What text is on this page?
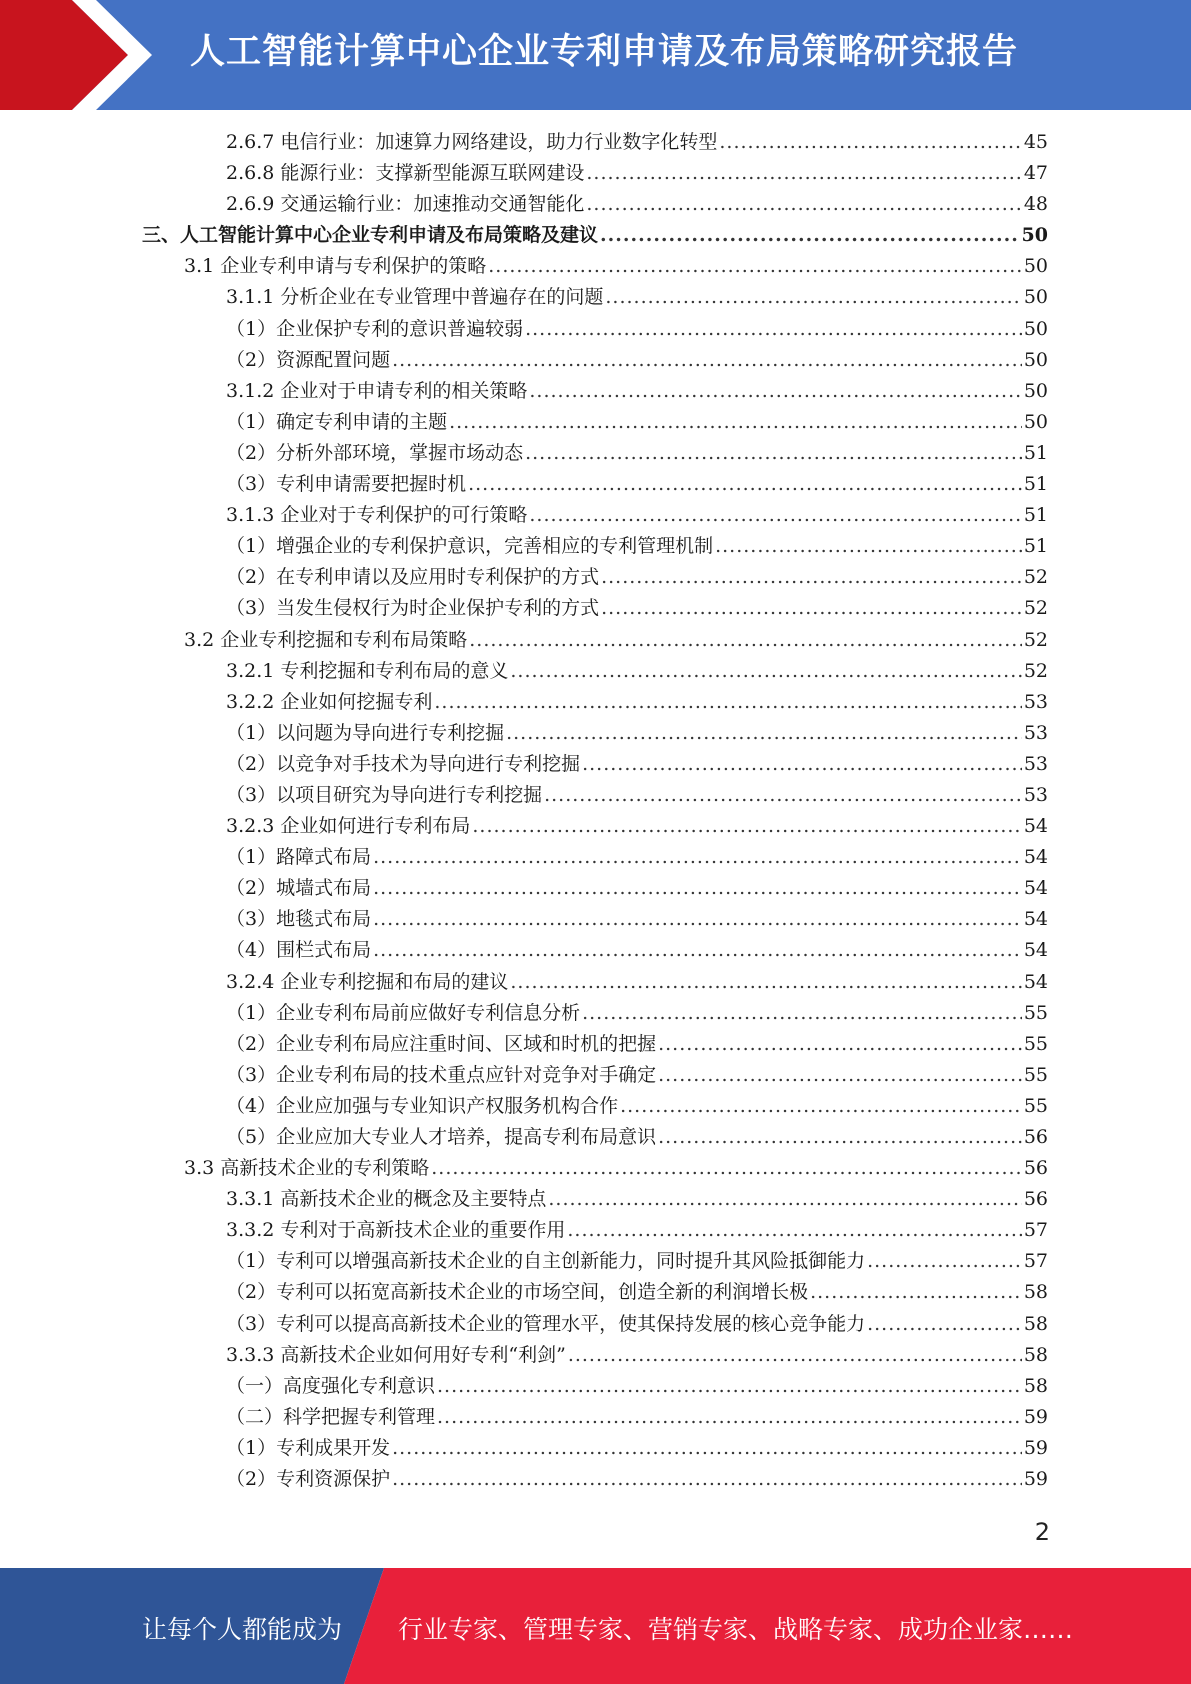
人工智能计算中心企业专利申请及布局策略研究报告
2.6.7 电信行业：加速算力网络建设，助力行业数字化转型 .....	45
2.6.8 能源行业：支撑新型能源互联网建设 .....	47
2.6.9 交通运输行业：加速推动交通智能化 .....	48
三、人工智能计算中心企业专利申请及布局策略及建议 .....	50
3.1 企业专利申请与专利保护的策略 .....	50
3.1.1 分析企业在专业管理中普遍存在的问题 .....	50
（1）企业保护专利的意识普遍较弱 .....	50
（2）资源配置问题 .....	50
3.1.2 企业对于申请专利的相关策略 .....	50
（1）确定专利申请的主题 .....	50
（2）分析外部环境，掌握市场动态 .....	51
（3）专利申请需要把握时机 .....	51
3.1.3 企业对于专利保护的可行策略 .....	51
（1）增强企业的专利保护意识，完善相应的专利管理机制 .....	51
（2）在专利申请以及应用时专利保护的方式 .....	52
（3）当发生侵权行为时企业保护专利的方式 .....	52
3.2 企业专利挖掘和专利布局策略 .....	52
3.2.1 专利挖掘和专利布局的意义 .....	52
3.2.2 企业如何挖掘专利 .....	53
（1）以问题为导向进行专利挖掘 .....	53
（2）以竞争对手技术为导向进行专利挖掘 .....	53
（3）以项目研究为导向进行专利挖掘 .....	53
3.2.3 企业如何进行专利布局 .....	54
（1）路障式布局 .....	54
（2）城墙式布局 .....	54
（3）地毯式布局 .....	54
（4）围栏式布局 .....	54
3.2.4 企业专利挖掘和布局的建议 .....	54
（1）企业专利布局前应做好专利信息分析 .....	55
（2）企业专利布局应注重时间、区域和时机的把握 .....	55
（3）企业专利布局的技术重点应针对竞争对手确定 .....	55
（4）企业应加强与专业知识产权服务机构合作 .....	55
（5）企业应加大专业人才培养，提高专利布局意识 .....	56
3.3 高新技术企业的专利策略 .....	56
3.3.1 高新技术企业的概念及主要特点 .....	56
3.3.2 专利对于高新技术企业的重要作用 .....	57
（1）专利可以增强高新技术企业的自主创新能力，同时提升其风险抵御能力 .....	57
（2）专利可以拓宽高新技术企业的市场空间，创造全新的利润增长极 .....	58
（3）专利可以提高高新技术企业的管理水平，使其保持发展的核心竞争能力 .....	58
3.3.3 高新技术企业如何用好专利“利剑” .....	58
（一）高度强化专利意识 .....	58
（二）科学把握专利管理 .....	59
（1）专利成果开发 .....	59
（2）专利资源保护 .....	59
2
让每个人都能成为 行业专家、管理专家、营销专家、战略专家、成功企业家……
